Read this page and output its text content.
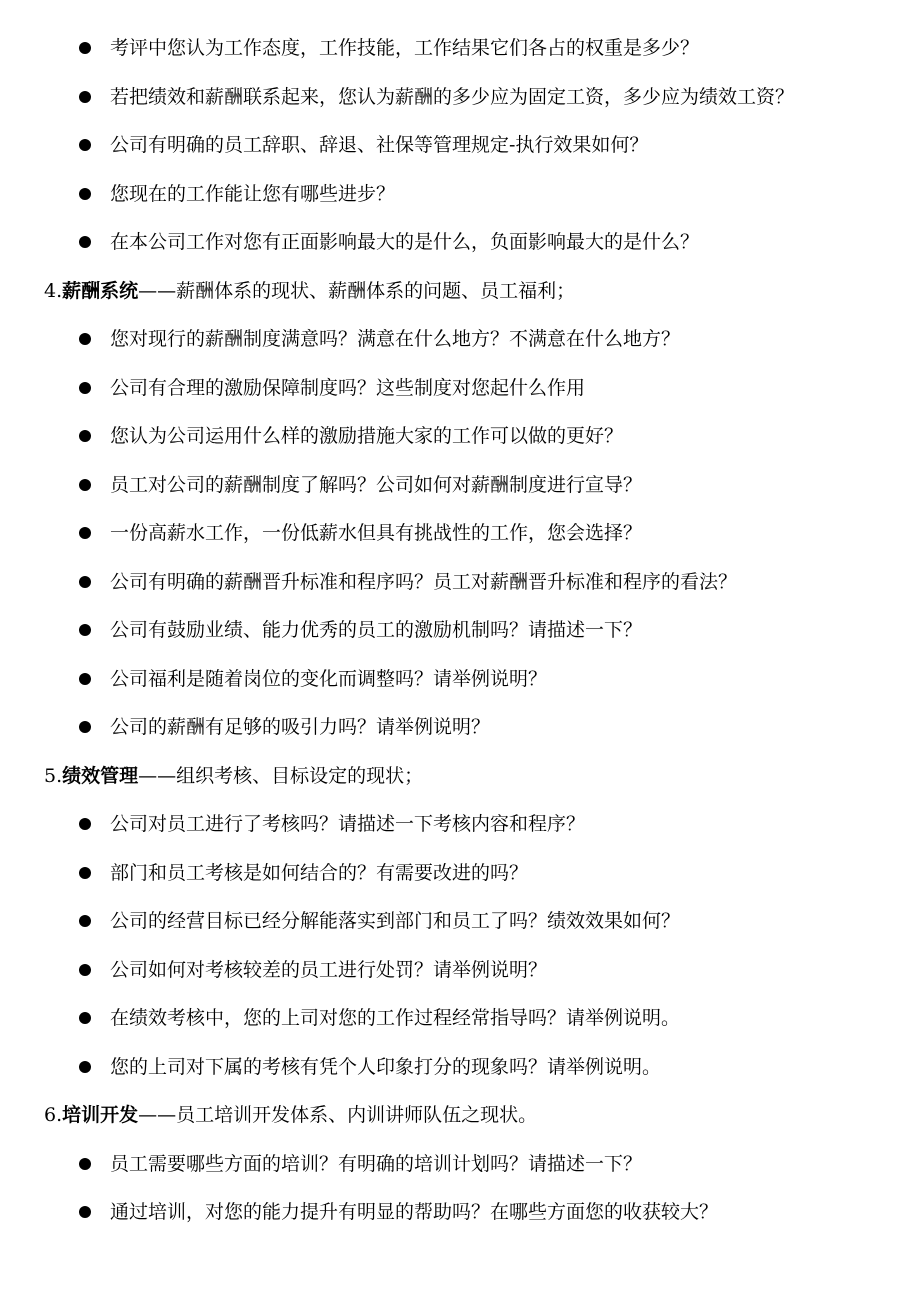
考评中您认为工作态度，工作技能，工作结果它们各占的权重是多少？
若把绩效和薪酬联系起来，您认为薪酬的多少应为固定工资，多少应为绩效工资？
公司有明确的员工辞职、辞退、社保等管理规定-执行效果如何？
您现在的工作能让您有哪些进步？
在本公司工作对您有正面影响最大的是什么，负面影响最大的是什么？
4.薪酬系统——薪酬体系的现状、薪酬体系的问题、员工福利；
您对现行的薪酬制度满意吗？满意在什么地方？不满意在什么地方？
公司有合理的激励保障制度吗？这些制度对您起什么作用
您认为公司运用什么样的激励措施大家的工作可以做的更好？
员工对公司的薪酬制度了解吗？公司如何对薪酬制度进行宣导？
一份高薪水工作，一份低薪水但具有挑战性的工作，您会选择？
公司有明确的薪酬晋升标准和程序吗？员工对薪酬晋升标准和程序的看法？
公司有鼓励业绩、能力优秀的员工的激励机制吗？请描述一下？
公司福利是随着岗位的变化而调整吗？请举例说明？
公司的薪酬有足够的吸引力吗？请举例说明？
5.绩效管理——组织考核、目标设定的现状；
公司对员工进行了考核吗？请描述一下考核内容和程序？
部门和员工考核是如何结合的？有需要改进的吗？
公司的经营目标已经分解能落实到部门和员工了吗？绩效效果如何？
公司如何对考核较差的员工进行处罚？请举例说明？
在绩效考核中，您的上司对您的工作过程经常指导吗？请举例说明。
您的上司对下属的考核有凭个人印象打分的现象吗？请举例说明。
6.培训开发——员工培训开发体系、内训讲师队伍之现状。
员工需要哪些方面的培训？有明确的培训计划吗？请描述一下？
通过培训，对您的能力提升有明显的帮助吗？在哪些方面您的收获较大？
